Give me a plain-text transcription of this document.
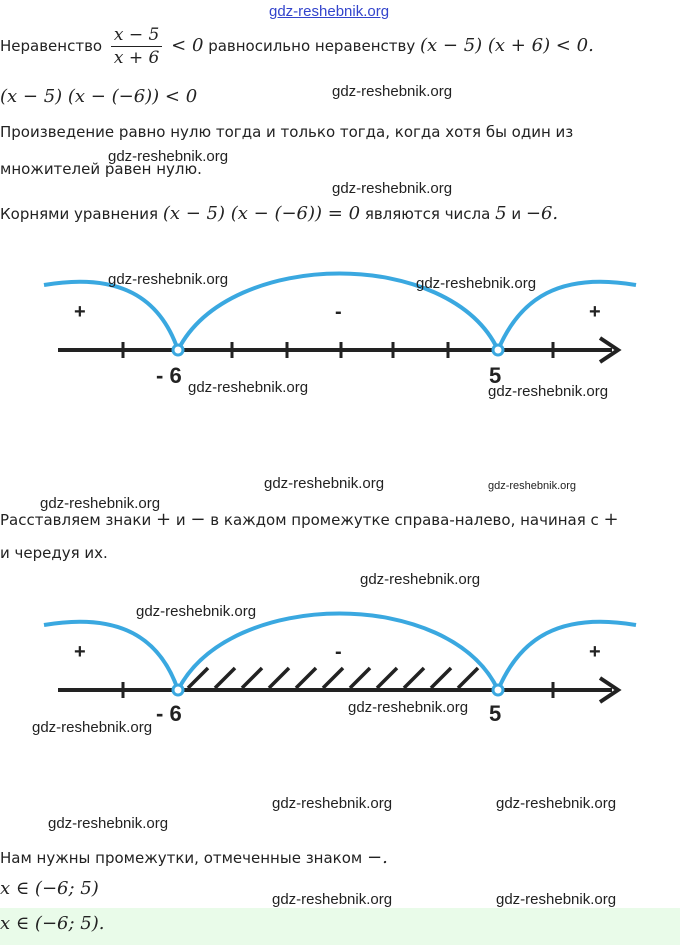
gdz-reshebnik.org
Неравенство $\frac{x - 5}{x + 6} < 0$ равносильно неравенству (x − 5) (x + 6) < 0.
(x − 5) (x − (−6)) < 0
Произведение равно нулю тогда и только тогда, когда хотя бы один из
множителей равен нулю.
Корнями уравнения (x − 5) (x − (−6)) = 0 являются числа 5 и −6.
- 6	5
+	-	+
Расставляем знаки + и − в каждом промежутке справа-налево, начиная с +
и чередуя их.
- 6	5
+	-	+
Нам нужны промежутки, отмеченные знаком −.
x ∈ (−6; 5)
x ∈ (−6; 5).
gdz-reshebnik.org
gdz-reshebnik.org
gdz-reshebnik.org
gdz-reshebnik.org	gdz-reshebnik.org
gdz-reshebnik.org	gdz-reshebnik.org
gdz-reshebnik.org	gdz-reshebnik.org
gdz-reshebnik.org
gdz-reshebnik.org
gdz-reshebnik.org
gdz-reshebnik.org
gdz-reshebnik.org
gdz-reshebnik.org	gdz-reshebnik.org
gdz-reshebnik.org
gdz-reshebnik.org	gdz-reshebnik.org
